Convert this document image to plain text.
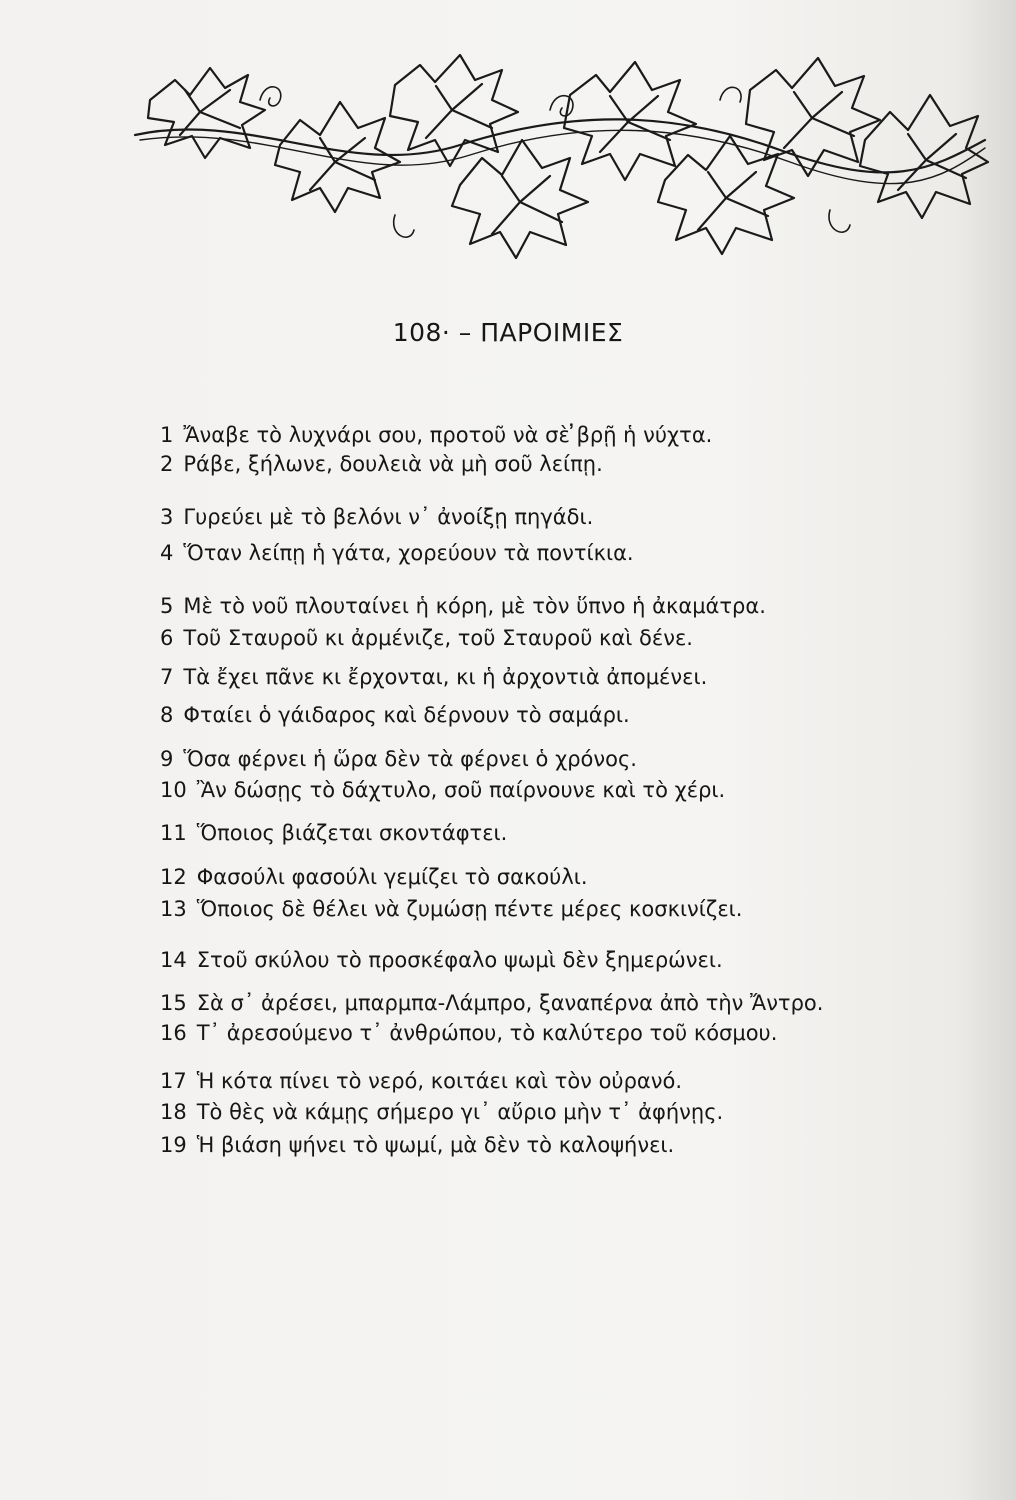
108· – ΠΑΡΟΙΜΙΕΣ
1 Ἄναβε τὸ λυχνάρι σου, προτοῦ νὰ σὲ ̓βρῇ ἡ νύχτα.
2 Ράβε, ξήλωνε, δουλειὰ νὰ μὴ σοῦ λείπῃ.
3 Γυρεύει μὲ τὸ βελόνι ν᾽ ἀνοίξῃ πηγάδι.
4 Ὅταν λείπῃ ἡ γάτα, χορεύουν τὰ ποντίκια.
5 Μὲ τὸ νοῦ πλουταίνει ἡ κόρη, μὲ τὸν ὕπνο ἡ ἀκαμάτρα.
6 Τοῦ Σταυροῦ κι ἀρμένιζε, τοῦ Σταυροῦ καὶ δένε.
7 Τὰ ἔχει πᾶνε κι ἔρχονται, κι ἡ ἀρχοντιὰ ἀπομένει.
8 Φταίει ὁ γάιδαρος καὶ δέρνουν τὸ σαμάρι.
9 Ὅσα φέρνει ἡ ὥρα δὲν τὰ φέρνει ὁ χρόνος.
10 Ἂν δώσῃς τὸ δάχτυλο, σοῦ παίρνουνε καὶ τὸ χέρι.
11 Ὅποιος βιάζεται σκοντάφτει.
12 Φασούλι φασούλι γεμίζει τὸ σακούλι.
13 Ὅποιος δὲ θέλει νὰ ζυμώσῃ πέντε μέρες κοσκινίζει.
14 Στοῦ σκύλου τὸ προσκέφαλο ψωμὶ δὲν ξημερώνει.
15 Σὰ σ᾽ ἀρέσει, μπαρμπα-Λάμπρο, ξαναπέρνα ἀπὸ τὴν Ἄντρο.
16 Τ᾽ ἀρεσούμενο τ᾽ ἀνθρώπου, τὸ καλύτερο τοῦ κόσμου.
17 Ἡ κότα πίνει τὸ νερό, κοιτάει καὶ τὸν οὐρανό.
18 Τὸ θὲς νὰ κάμῃς σήμερο γι᾽ αὔριο μὴν τ᾽ ἀφήνῃς.
19 Ἡ βιάση ψήνει τὸ ψωμί, μὰ δὲν τὸ καλοψήνει.
